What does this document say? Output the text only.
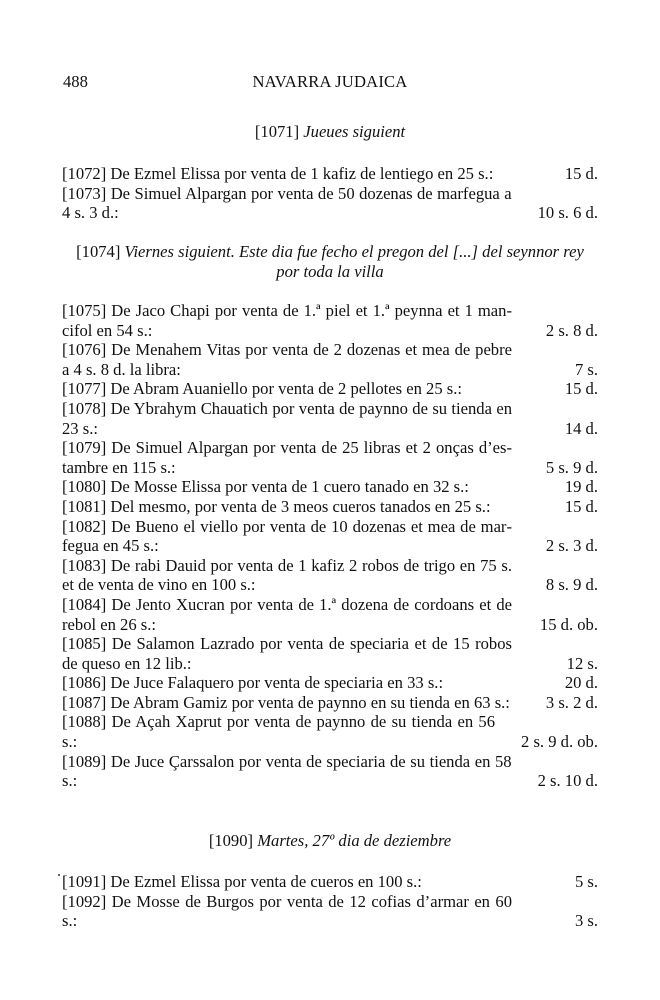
488	NAVARRA JUDAICA
[1071] Jueues siguient
[1072] De Ezmel Elissa por venta de 1 kafiz de lentiego en 25 s.:	15 d.
[1073] De Simuel Alpargan por venta de 50 dozenas de marfegua a 4 s. 3 d.:	10 s. 6 d.
[1074] Viernes siguient. Este dia fue fecho el pregon del [...] del seynnor rey por toda la villa
[1075] De Jaco Chapi por venta de 1.ª piel et 1.ª peynna et 1 mancifol en 54 s.:	2 s. 8 d.
[1076] De Menahem Vitas por venta de 2 dozenas et mea de pebre a 4 s. 8 d. la libra:	7 s.
[1077] De Abram Auaniello por venta de 2 pellotes en 25 s.:	15 d.
[1078] De Ybrahym Chauatich por venta de paynno de su tienda en 23 s.:	14 d.
[1079] De Simuel Alpargan por venta de 25 libras et 2 onças d’estambre en 115 s.:	5 s. 9 d.
[1080] De Mosse Elissa por venta de 1 cuero tanado en 32 s.:	19 d.
[1081] Del mesmo, por venta de 3 meos cueros tanados en 25 s.:	15 d.
[1082] De Bueno el viello por venta de 10 dozenas et mea de marfegua en 45 s.:	2 s. 3 d.
[1083] De rabi Dauid por venta de 1 kafiz 2 robos de trigo en 75 s. et de venta de vino en 100 s.:	8 s. 9 d.
[1084] De Jento Xucran por venta de 1.ª dozena de cordoans et de rebol en 26 s.:	15 d. ob.
[1085] De Salamon Lazrado por venta de speciaria et de 15 robos de queso en 12 lib.:	12 s.
[1086] De Juce Falaquero por venta de speciaria en 33 s.:	20 d.
[1087] De Abram Gamiz por venta de paynno en su tienda en 63 s.:	3 s. 2 d.
[1088] De Açah Xaprut por venta de paynno de su tienda en 56 s.:	2 s. 9 d. ob.
[1089] De Juce Çarssalon por venta de speciaria de su tienda en 58 s.:	2 s. 10 d.
[1090] Martes, 27º dia de deziembre
[1091] De Ezmel Elissa por venta de cueros en 100 s.:	5 s.
[1092] De Mosse de Burgos por venta de 12 cofias d’armar en 60 s.:	3 s.
